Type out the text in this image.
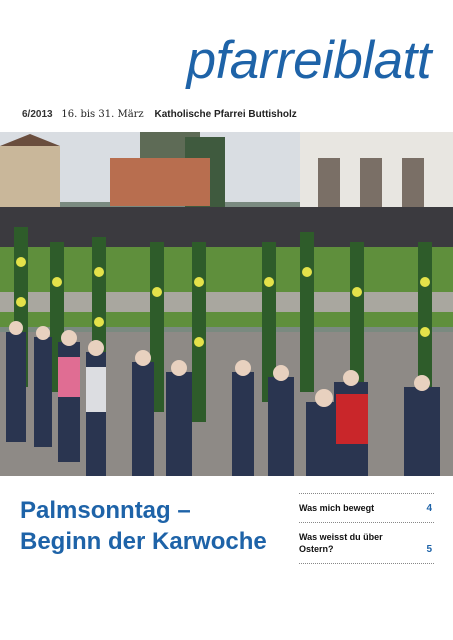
pfarreiblatt
6/2013 16. bis 31. März Katholische Pfarrei Buttisholz
Palmsonntag –
Beginn der Karwoche
Was mich bewegt	4
Was weisst du über Ostern?	5
